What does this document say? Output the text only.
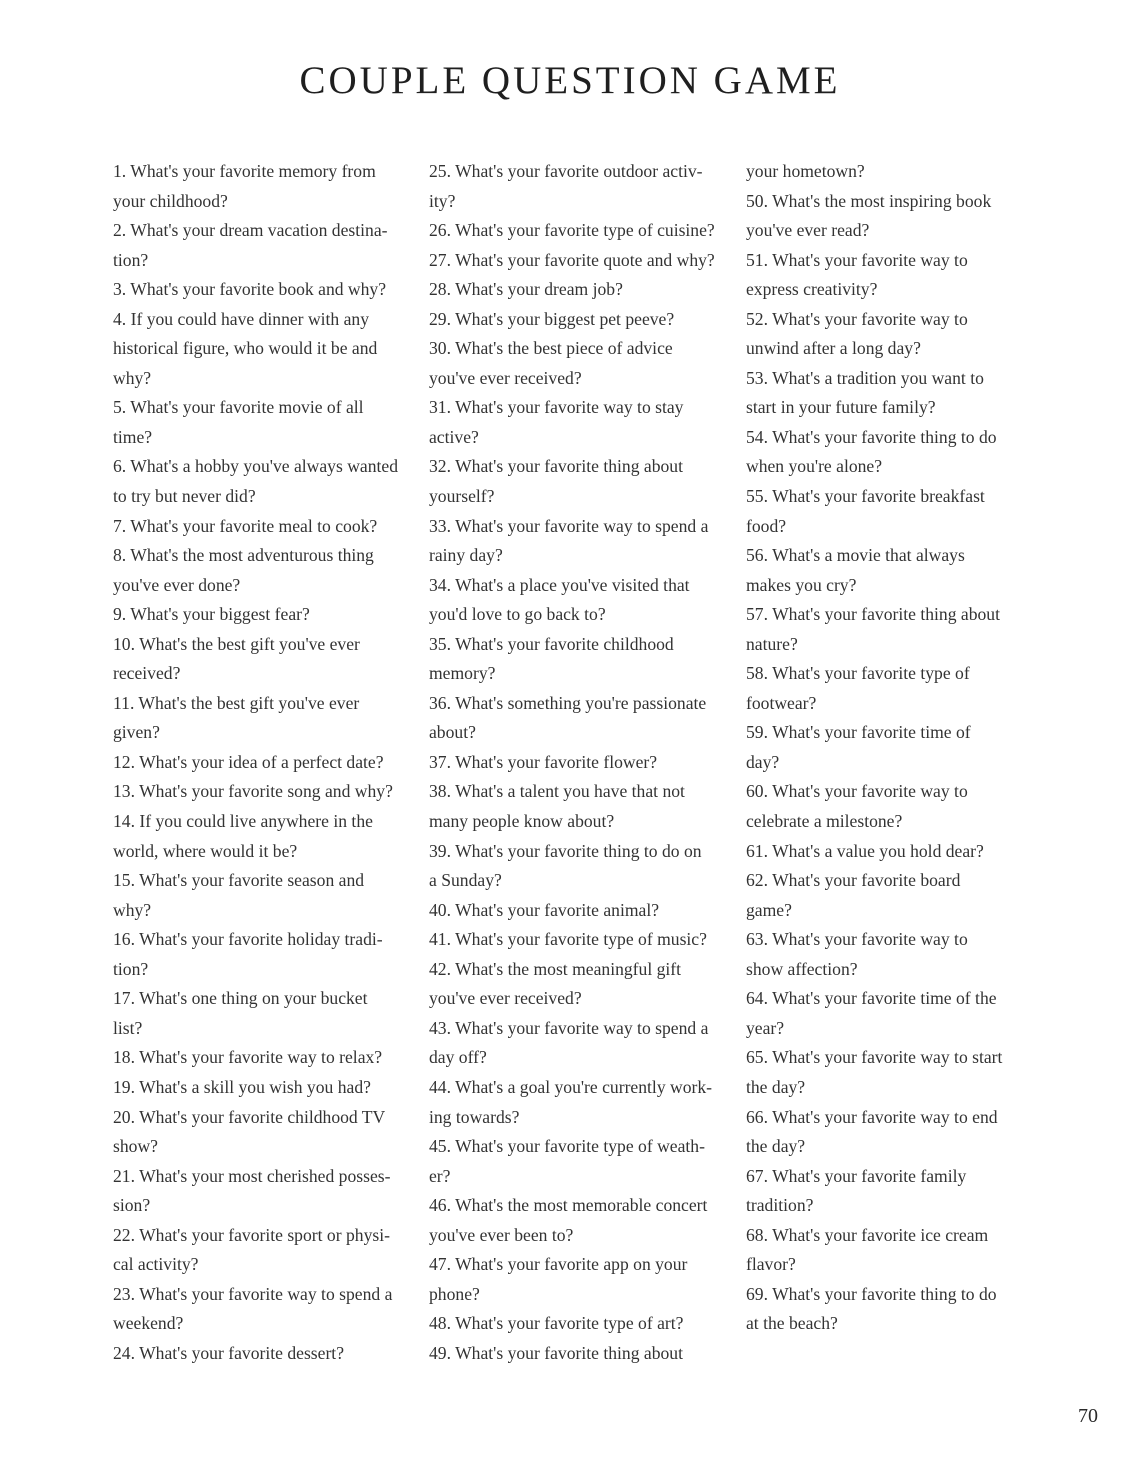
COUPLE QUESTION GAME
1. What's your favorite memory from
your childhood?
2. What's your dream vacation destina-
tion?
3. What's your favorite book and why?
4. If you could have dinner with any
historical figure, who would it be and
why?
5. What's your favorite movie of all
time?
6. What's a hobby you've always wanted
to try but never did?
7. What's your favorite meal to cook?
8. What's the most adventurous thing
you've ever done?
9. What's your biggest fear?
10. What's the best gift you've ever
received?
11. What's the best gift you've ever
given?
12. What's your idea of a perfect date?
13. What's your favorite song and why?
14. If you could live anywhere in the
world, where would it be?
15. What's your favorite season and
why?
16. What's your favorite holiday tradi-
tion?
17. What's one thing on your bucket
list?
18. What's your favorite way to relax?
19. What's a skill you wish you had?
20. What's your favorite childhood TV
show?
21. What's your most cherished posses-
sion?
22. What's your favorite sport or physi-
cal activity?
23. What's your favorite way to spend a
weekend?
24. What's your favorite dessert?
25. What's your favorite outdoor activ-
ity?
26. What's your favorite type of cuisine?
27. What's your favorite quote and why?
28. What's your dream job?
29. What's your biggest pet peeve?
30. What's the best piece of advice
you've ever received?
31. What's your favorite way to stay
active?
32. What's your favorite thing about
yourself?
33. What's your favorite way to spend a
rainy day?
34. What's a place you've visited that
you'd love to go back to?
35. What's your favorite childhood
memory?
36. What's something you're passionate
about?
37. What's your favorite flower?
38. What's a talent you have that not
many people know about?
39. What's your favorite thing to do on
a Sunday?
40. What's your favorite animal?
41. What's your favorite type of music?
42. What's the most meaningful gift
you've ever received?
43. What's your favorite way to spend a
day off?
44. What's a goal you're currently work-
ing towards?
45. What's your favorite type of weath-
er?
46. What's the most memorable concert
you've ever been to?
47. What's your favorite app on your
phone?
48. What's your favorite type of art?
49. What's your favorite thing about
your hometown?
50. What's the most inspiring book
you've ever read?
51. What's your favorite way to
express creativity?
52. What's your favorite way to
unwind after a long day?
53. What's a tradition you want to
start in your future family?
54. What's your favorite thing to do
when you're alone?
55. What's your favorite breakfast
food?
56. What's a movie that always
makes you cry?
57. What's your favorite thing about
nature?
58. What's your favorite type of
footwear?
59. What's your favorite time of
day?
60. What's your favorite way to
celebrate a milestone?
61. What's a value you hold dear?
62. What's your favorite board
game?
63. What's your favorite way to
show affection?
64. What's your favorite time of the
year?
65. What's your favorite way to start
the day?
66. What's your favorite way to end
the day?
67. What's your favorite family
tradition?
68. What's your favorite ice cream
flavor?
69. What's your favorite thing to do
at the beach?
70
